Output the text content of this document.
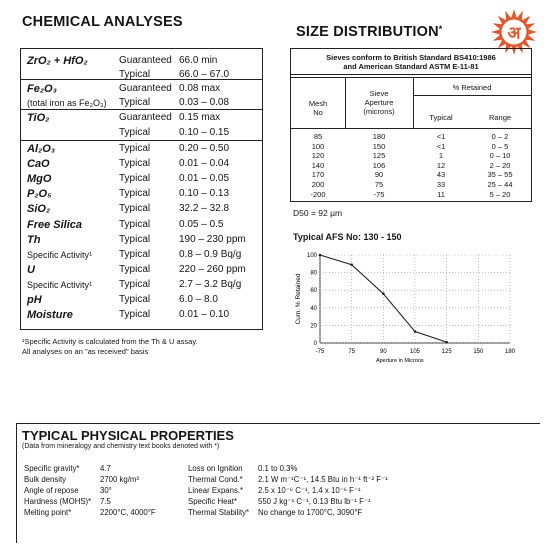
अ
CHEMICAL ANALYSES
ZrO₂ + HfO₂	Guaranteed 66.0 min
Typical	66.0 – 67.0
Fe₂O₃	Guaranteed 0.08 max
(total iron as Fe₂O₃) Typical	0.03 – 0.08
TiO₂	Guaranteed 0.15 max
Typical	0.10 – 0.15
Al₂O₃	Typical	0.20 – 0.50
CaO	Typical	0.01 – 0.04
MgO	Typical	0.01 – 0.05
P₂O₅	Typical	0.10 – 0.13
SiO₂	Typical	32.2 – 32.8
Free Silica	Typical	0.05 – 0.5
Th	Typical	190 – 230 ppm
Specific Activity¹	Typical	0.8 – 0.9 Bq/g
U	Typical	220 – 260 ppm
Specific Activity¹	Typical	2.7 – 3.2 Bq/g
pH	Typical	6.0 – 8.0
Moisture	Typical	0.01 – 0.10
¹Specific Activity is calculated from the Th & U assay.
All analyses on an "as received" basis
SIZE DISTRIBUTION*
Sieves conform to British Standard BS410:1986
and American Standard ASTM E-11-81
Mesh
No
Sieve
Aperture
(microns)
% Retained
Typical	Range
85	180	<1	0 – 2
100	150	<1	0 – 5
120	125	1	0 – 10
140	106	12	2 – 20
170	90	43	35 – 55
200	75	33	25 – 44
-200	-75	11	5 – 20
D50 = 92 µm
Typical AFS No: 130 - 150
0
20
40
60
80
100
-75	75	90	105	125	150	180
Aperture in Microns
Cum. % Retained
TYPICAL PHYSICAL PROPERTIES
(Data from mineralogy and chemistry text books denoted with *)
Specific gravity*	4.7	Loss on Ignition 0.1 to 0.3%
Bulk density	2700 kg/m³	Thermal Cond.* 2.1 W m⁻¹C⁻¹, 14.5 Btu in h⁻¹ ft⁻² F⁻¹
Angle of repose	30°	Linear Expans.* 2.5 x 10⁻⁶ C⁻¹, 1.4 x 10⁻⁶ F⁻¹
Hardness (MOHS)* 7.5	Specific Heat*	550 J kg⁻¹ C⁻¹, 0.13 Btu lb⁻¹ F⁻¹
Melting point*	2200°C, 4000°F	Thermal Stability* No change to 1700°C, 3090°F
